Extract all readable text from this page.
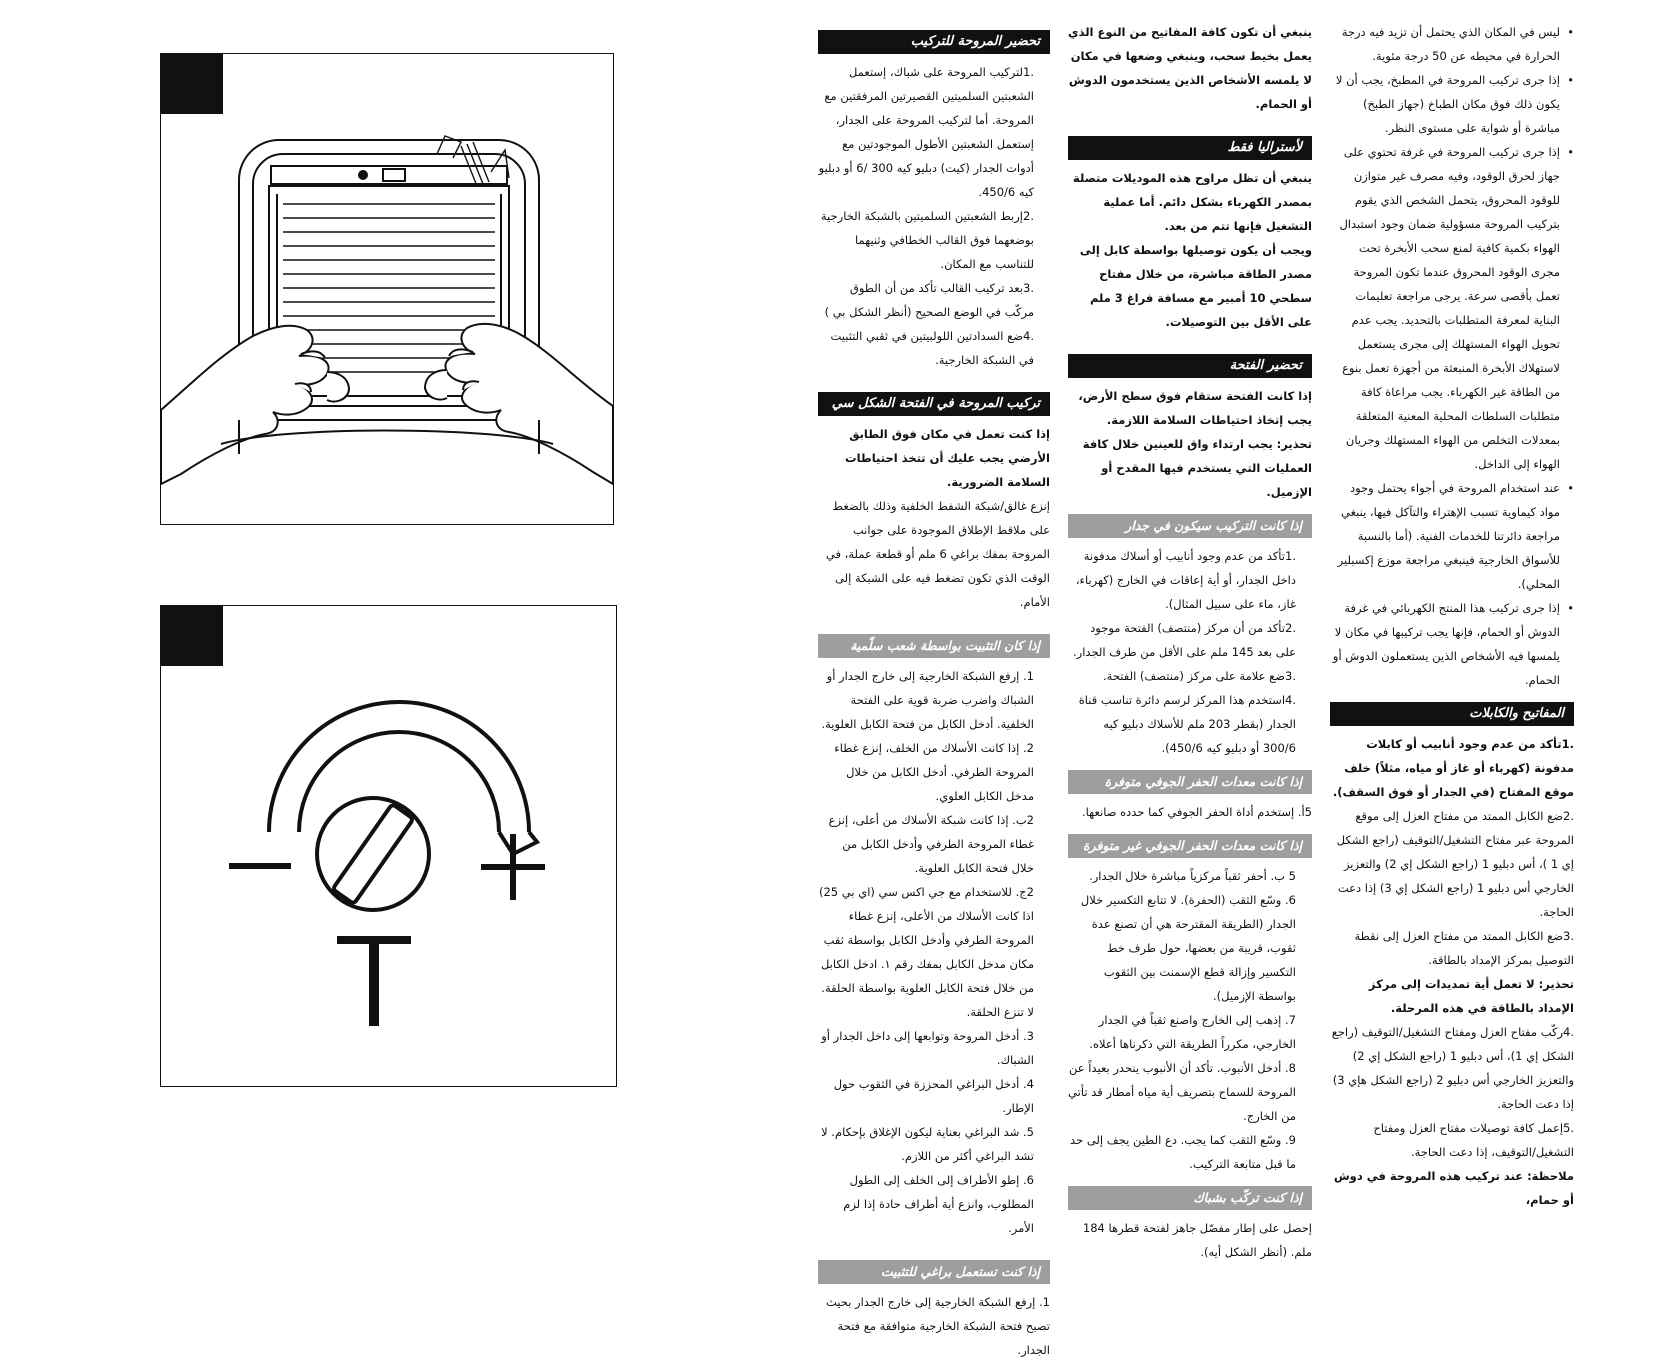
تحضير المروحة للتركيب
.1لتركيب المروحة على شباك، إستعمل الشعبتين السلميتين القصيرتين المرفقتين مع المروحة. أما لتركيب المروحة على الجدار، إستعمل الشعبتين الأطول الموجودتين مع أدوات الجدار (كيت) دبليو كيه 300 /6 أو دبليو كيه 450/6.
.2إربط الشعبتين السلميتين بالشبكة الخارجية بوضعهما فوق القالب الخطافي وثنيهما للتناسب مع المكان.
.3بعد تركيب القالب تأكد من أن الطوق مركّب في الوضع الصحيح (أنظر الشكل بي )
.4ضع السدادتين اللولبيتين في ثقبي التثبيت في الشبكة الخارجية.
تركيب المروحة في الفتحة الشكل سي

إذا كنت تعمل في مكان فوق الطابق الأرضي يجب عليك أن تتخذ احتياطات السلامة الضرورية.

إنزع غالق/شبكة الشفط الخلفية وذلك بالضغط على ملاقط الإطلاق الموجودة على جوانب المروحة بمفك براغي 6 ملم أو قطعة عملة، في الوقت الذي تكون تضغط فيه على الشبكة إلى الأمام.

إذا كان التثبيت بواسطة شعب سلّمية
1. إرفع الشبكة الخارجية إلى خارج الجدار أو الشباك واضرب ضربة قوية على الفتحة الخلفية. أدخل الكابل من فتحة الكابل العلوية.
2. إذا كانت الأسلاك من الخلف، إنزع غطاء المروحة الطرفي. أدخل الكابل من خلال مدخل الكابل العلوي.
2ب. إذا كانت شبكة الأسلاك من أعلى، إنزع غطاء المروحة الطرفي وأدخل الكابل من خلال فتحة الكابل العلوية.
2ج. للاستخدام مع جي اكس سي (اي بي 25) اذا كانت الأسلاك من الأعلى، إنزع غطاء المروحة الطرفي وأدخل الكابل بواسطة ثقب مكان مدخل الكابل بمفك رقم ١. ادخل الكابل من خلال فتحة الكابل العلوية بواسطة الحلقة. لا تنزع الحلقة.
3. أدخل المروحة وتوابعها إلى داخل الجدار أو الشباك.
4. أدخل البراغي المحززة في الثقوب حول الإطار.
5. شد البراغي بعناية ليكون الإغلاق بإحكام. لا تشد البراغي أكثر من اللازم.
6. إطو الأطراف إلى الخلف إلى الطول المطلوب، وانزع أية أطراف حادة إذا لزم الأمر.
إذا كنت تستعمل براغي للتثبيت

1. إرفع الشبكة الخارجية إلى خارج الجدار بحيث تصبح فتحة الشبكة الخارجية متوافقة مع فتحة الجدار.

ينبغي أن تكون كافة المفاتيح من النوع الذي يعمل بخيط سحب، وينبغي وضعها في مكان لا يلمسه الأشخاص الذين يستخدمون الدوش أو الحمام.

لأستراليا فقط

ينبغي أن تظل مراوح هذه الموديلات متصلة بمصدر الكهرباء بشكل دائم. أما عملية التشغيل فإنها تتم من بعد.

ويجب أن يكون توصيلها بواسطة كابل إلى مصدر الطاقة مباشرة، من خلال مفتاح سطحي 10 أمبير مع مسافة فراغ 3 ملم على الأقل بين التوصيلات.

تحضير الفتحة

إذا كانت الفتحة ستقام فوق سطح الأرض، يجب إتخاذ احتياطات السلامة اللازمة.

تحذير: يجب ارتداء واق للعينين خلال كافة العمليات التي يستخدم فيها المقدح أو الإزميل.

إذا كانت التركيب سيكون في جدار
.1تأكد من عدم وجود أنابيب أو أسلاك مدفونة داخل الجدار، أو أية إعاقات في الخارج (كهرباء، غاز، ماء على سبيل المثال).
.2تأكد من أن مركز (منتصف) الفتحة موجود على بعد 145 ملم على الأقل من طرف الجدار.
.3ضع علامة على مركز (منتصف) الفتحة.
.4استخدم هذا المركز لرسم دائرة تناسب قناة الجدار (بقطر 203 ملم للأسلاك دبليو كيه 300/6 أو دبليو كيه 450/6).
إذا كانت معدات الحفر الجوفي متوفرة

5أ. إستخدم أداة الحفر الجوفي كما حدده صانعها.

إذا كانت معدات الحفر الجوفي غير متوفرة
5 ب. أحفر ثقباً مركزياً مباشرة خلال الجدار.
6. وسّع الثقب (الحفرة). لا تتابع التكسير خلال الجدار (الطريقة المقترحة هي أن تصنع عدة ثقوب، قريبة من بعضها، حول طرف خط التكسير وإزالة قطع الإسمنت بين الثقوب بواسطة الإزميل).
7. إذهب إلى الخارج واصنع ثقباً في الجدار الخارجي، مكرراً الطريقة التي ذكرناها أعلاه.
8. أدخل الأنبوب. تأكد أن الأنبوب ينحدر بعيداً عن المروحة للسماح بتصريف أية مياه أمطار قد تأتي من الخارج.
9. وسّع الثقب كما يجب. دع الطين يجف إلى حد ما قبل متابعة التركيب.
إذا كنت تركّب بشباك

إحصل على إطار مفصّل جاهز لفتحة قطرها 184 ملم. (أنظر الشكل أيه).

• ليس في المكان الذي يحتمل أن تزيد فيه درجة الحرارة في محيطه عن 50 درجة مئوية.
• إذا جرى تركيب المروحة في المطبخ، يجب أن لا يكون ذلك فوق مكان الطباخ (جهاز الطبخ) مباشرة أو شواية على مستوى النظر.
• إذا جرى تركيب المروحة في غرفة تحتوي على جهاز لحرق الوقود، وفيه مصرف غير متوازن للوقود المحروق، يتحمل الشخص الذي يقوم بتركيب المروحة مسؤولية ضمان وجود استبدال الهواء بكمية كافية لمنع سحب الأبخرة تحت مجرى الوقود المحروق عندما تكون المروحة تعمل بأقصى سرعة. يرجى مراجعة تعليمات البناية لمعرفة المتطلبات بالتحديد. يجب عدم تحويل الهواء المستهلك إلى مجرى يستعمل لاستهلاك الأبخرة المنبعثة من أجهزة تعمل بنوع من الطاقة غير الكهرباء. يجب مراعاة كافة متطلبات السلطات المحلية المعنية المتعلقة بمعدلات التخلص من الهواء المستهلك وجريان الهواء إلى الداخل.
• عند استخدام المروحة في أجواء يحتمل وجود مواد كيماوية تسبب الإهتراء والتآكل فيها، ينبغي مراجعة دائرتنا للخدمات الفنية. (أما بالنسبة للأسواق الخارجية فينبغي مراجعة موزع إكسبلير المحلي).
• إذا جرى تركيب هذا المنتج الكهربائي في غرفة الدوش أو الحمام، فإنها يجب تركيبها في مكان لا يلمسها فيه الأشخاص الذين يستعملون الدوش أو الحمام.
المفاتيح والكابلات

.1تأكد من عدم وجود أنابيب أو كابلات مدفونة (كهرباء أو غاز أو مياه، مثلاً) خلف موقع المفتاح (في الجدار أو فوق السقف).

.2ضع الكابل الممتد من مفتاح العزل إلى موقع المروحة عبر مفتاح التشغيل/التوقيف (راجع الشكل إي 1 )، أس دبليو 1 (راجع الشكل إي 2) والتعزيز الخارجي أس دبليو 1 (راجع الشكل إي 3) إذا دعت الحاجة.

.3ضع الكابل الممتد من مفتاح العزل إلى نقطة التوصيل بمركز الإمداد بالطاقة.

تحذير: لا تعمل أية تمديدات إلى مركز الإمداد بالطاقة في هذه المرحلة.

.4ركّب مفتاح العزل ومفتاح التشغيل/التوقيف (راجع الشكل إي 1)، أس دبليو 1 (راجع الشكل إي 2) والتعزيز الخارجي أس دبليو 2 (راجع الشكل هإي 3) إذا دعت الحاجة.

.5إعمل كافة توصيلات مفتاح العزل ومفتاح التشغيل/التوقيف، إذا دعت الحاجة.

ملاحظة: عند تركيب هذه المروحة في دوش أو حمام،
